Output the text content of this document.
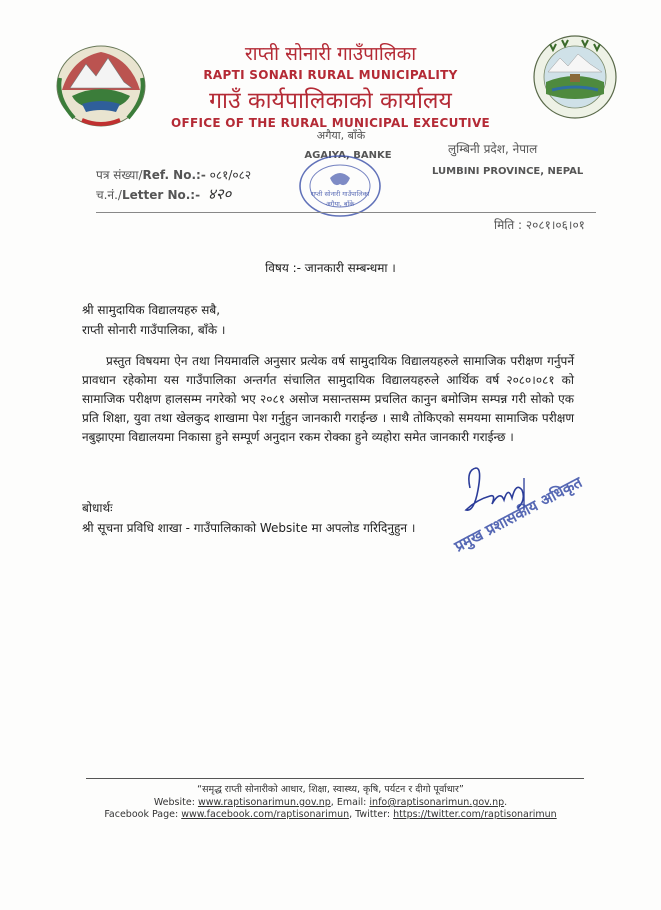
राप्ती सोनारी गाउँपालिका
RAPTI SONARI RURAL MUNICIPALITY
गाउँ कार्यपालिकाको कार्यालय
OFFICE OF THE RURAL MUNICIPAL EXECUTIVE
अगैया, बाँके
AGAIYA, BANKE	लुम्बिनी प्रदेश, नेपाल
LUMBINI PROVINCE, NEPAL
पत्र संख्या/Ref. No.:- ०८१/०८२
च.नं./Letter No.:- ४२०	राप्ती सोनारी गाउँपालिका
अगैया, बाँके
मिति : २०८१।०६।०१
विषय :- जानकारी सम्बन्धमा ।
श्री सामुदायिक विद्यालयहरु सबै,
राप्ती सोनारी गाउँपालिका, बाँके ।
प्रस्तुत विषयमा ऐन तथा नियमावलि अनुसार प्रत्येक वर्ष सामुदायिक विद्यालयहरुले सामाजिक परीक्षण गर्नुपर्ने प्रावधान रहेकोमा यस गाउँपालिका अन्तर्गत संचालित सामुदायिक विद्यालयहरुले आर्थिक वर्ष २०८०।०८१ को सामाजिक परीक्षण हालसम्म नगरेको भए २०८१ असोज मसान्तसम्म प्रचलित कानुन बमोजिम सम्पन्न गरी सोको एक प्रति शिक्षा, युवा तथा खेलकुद शाखामा पेश गर्नुहुन जानकारी गराईन्छ । साथै तोकिएको समयमा सामाजिक परीक्षण नबुझाएमा विद्यालयमा निकासा हुने सम्पूर्ण अनुदान रकम रोक्का हुने व्यहोरा समेत जानकारी गराईन्छ ।
प्रमुख प्रशासकीय अधिकृत
बोधार्थः
श्री सूचना प्रविधि शाखा - गाउँपालिकाको Website मा अपलोड गरिदिनुहुन ।
“समृद्ध राप्ती सोनारीको आधार, शिक्षा, स्वास्थ्य, कृषि, पर्यटन र दीगो पूर्वाधार”
Website: www.raptisonarimun.gov.np, Email: info@raptisonarimun.gov.np.
Facebook Page: www.facebook.com/raptisonarimun, Twitter: https://twitter.com/raptisonarimun
